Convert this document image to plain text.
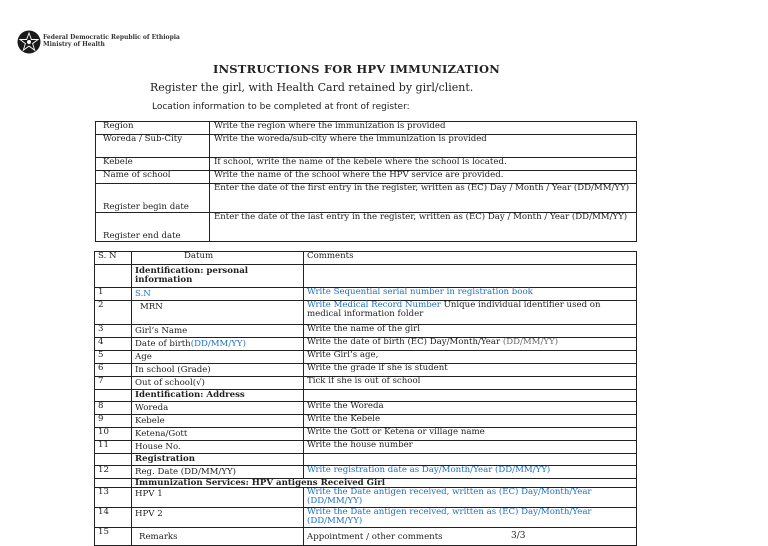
Federal Democratic Republic of Ethiopia
Ministry of Health
INSTRUCTIONS FOR HPV IMMUNIZATION
Register the girl, with Health Card retained by girl/client.
Location information to be completed at front of register:
Region	Write the region where the immunization is provided
Woreda / Sub-City	Write the woreda/sub-city where the immunization is provided
Kebele	If school, write the name of the kebele where the school is located.
Name of school	Write the name of the school where the HPV service are provided.
Register begin date	Enter the date of the first entry in the register, written as (EC) Day / Month / Year (DD/MM/YY)
Register end date	Enter the date of the last entry in the register, written as (EC) Day / Month / Year (DD/MM/YY)
S. N	Datum	Comments
	Identification: personal information	
1	S.N	Write Sequential serial number in registration book
2	MRN	Write Medical Record Number Unique individual identifier used on medical information folder
3	Girl’s Name	Write the name of the girl
4	Date of birth(DD/MM/YY)	Write the date of birth (EC) Day/Month/Year (DD/MM/YY)
5	Age	Write Girl’s age,
6	In school (Grade)	Write the grade if she is student
7	Out of school(√)	Tick if she is out of school
	Identification: Address	
8	Woreda	Write the Woreda
9	Kebele	Write the Kebele
10	Ketena/Gott	Write the Gott or Ketena or village name
11	House No.	Write the house number
	Registration	
12	Reg. Date (DD/MM/YY)	Write registration date as Day/Month/Year (DD/MM/YY)
	Immunization Services: HPV antigens Received Girl	
13	HPV 1	Write the Date antigen received, written as (EC) Day/Month/Year (DD/MM/YY)
14	HPV 2	Write the Date antigen received, written as (EC) Day/Month/Year (DD/MM/YY)
15	Remarks	Appointment / other comments	3/3
